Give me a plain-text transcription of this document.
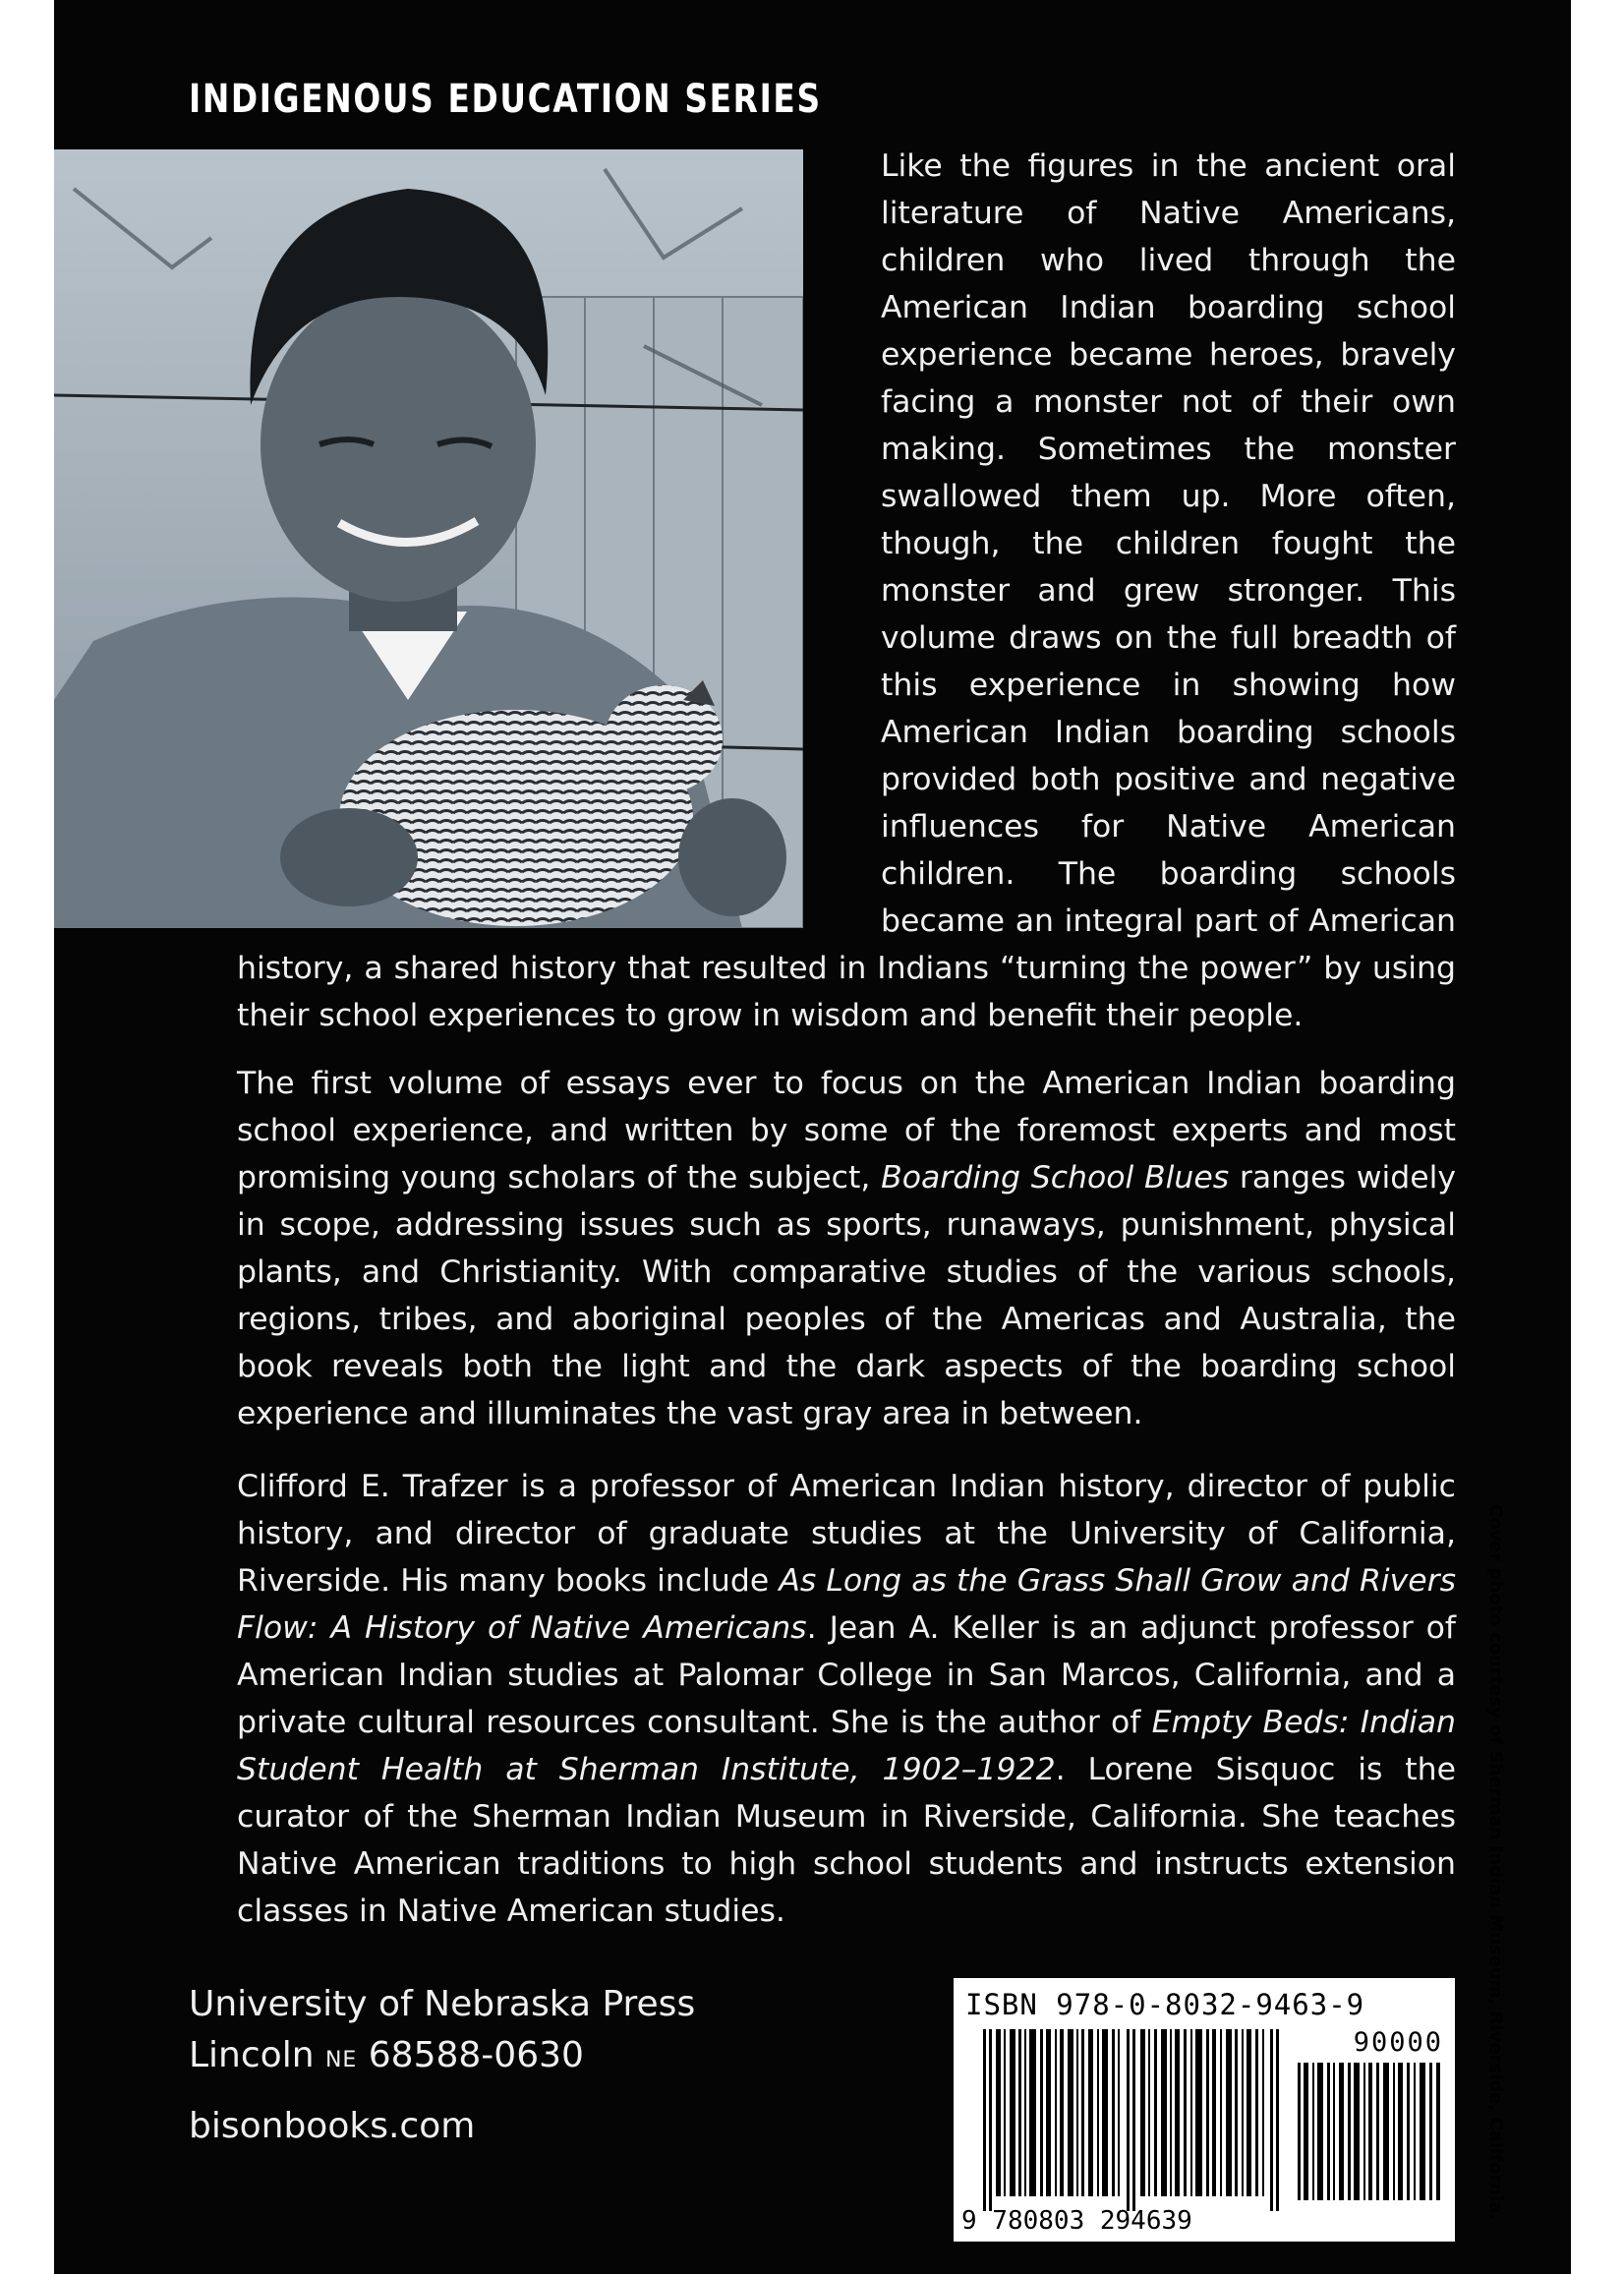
INDIGENOUS EDUCATION SERIES

Like the figures in the ancient oral literature of Native Americans, children who lived through the American Indian boarding school experience became heroes, bravely facing a monster not of their own making. Sometimes the monster swallowed them up. More often, though, the children fought the monster and grew stronger. This volume draws on the full breadth of this experience in showing how American Indian boarding schools provided both positive and negative influences for Native American children. The boarding schools became an integral part of American history, a shared history that resulted in Indians “turning the power” by using their school experiences to grow in wisdom and benefit their people.

The first volume of essays ever to focus on the American Indian boarding school experience, and written by some of the foremost experts and most promising young scholars of the subject, Boarding School Blues ranges widely in scope, addressing issues such as sports, runaways, punishment, physical plants, and Christianity. With comparative studies of the various schools, regions, tribes, and aboriginal peoples of the Americas and Australia, the book reveals both the light and the dark aspects of the boarding school experience and illuminates the vast gray area in between.

Clifford E. Trafzer is a professor of American Indian history, director of public history, and director of graduate studies at the University of California, Riverside. His many books include As Long as the Grass Shall Grow and Rivers Flow: A History of Native Americans. Jean A. Keller is an adjunct professor of American Indian studies at Palomar College in San Marcos, California, and a private cultural resources consultant. She is the author of Empty Beds: Indian Student Health at Sherman Institute, 1902–1922. Lorene Sisquoc is the curator of the Sherman Indian Museum in Riverside, California. She teaches Native American traditions to high school students and instructs extension classes in Native American studies.

University of Nebraska Press
Lincoln NE 68588-0630
bisonbooks.com
ISBN 978-0-8032-9463-9
90000
9 780803 294639
Cover photo courtesy of Sherman Indian Museum, Riverside, California.
